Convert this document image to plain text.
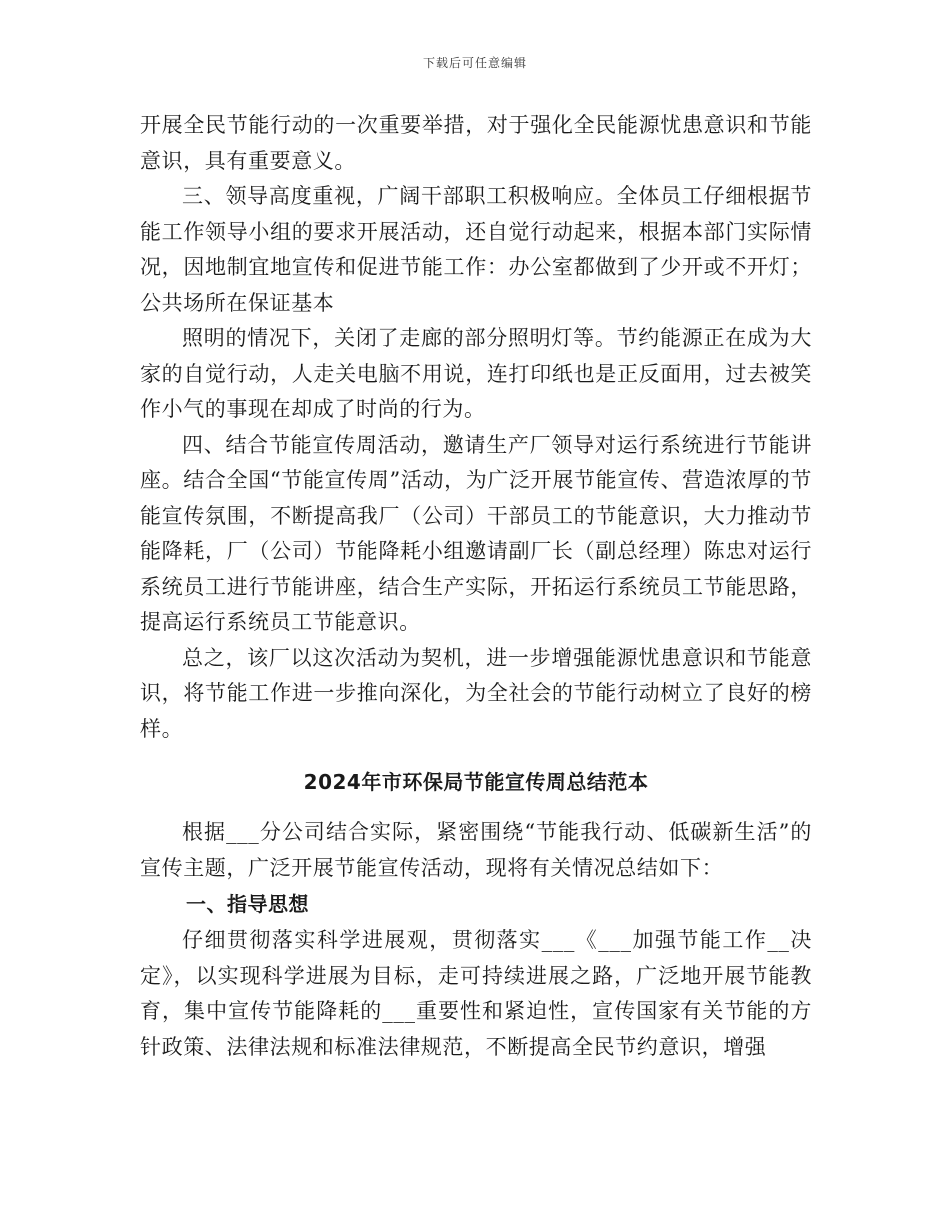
下载后可任意编辑

开展全民节能行动的一次重要举措，对于强化全民能源忧患意识和节能意识，具有重要意义。

三、领导高度重视，广阔干部职工积极响应。全体员工仔细根据节能工作领导小组的要求开展活动，还自觉行动起来，根据本部门实际情况，因地制宜地宣传和促进节能工作：办公室都做到了少开或不开灯；公共场所在保证基本

照明的情况下，关闭了走廊的部分照明灯等。节约能源正在成为大家的自觉行动，人走关电脑不用说，连打印纸也是正反面用，过去被笑作小气的事现在却成了时尚的行为。

四、结合节能宣传周活动，邀请生产厂领导对运行系统进行节能讲座。结合全国“节能宣传周”活动，为广泛开展节能宣传、营造浓厚的节能宣传氛围，不断提高我厂（公司）干部员工的节能意识，大力推动节能降耗，厂（公司）节能降耗小组邀请副厂长（副总经理）陈忠对运行系统员工进行节能讲座，结合生产实际，开拓运行系统员工节能思路，提高运行系统员工节能意识。

总之，该厂以这次活动为契机，进一步增强能源忧患意识和节能意识，将节能工作进一步推向深化，为全社会的节能行动树立了良好的榜样。

2024年市环保局节能宣传周总结范本

根据___分公司结合实际，紧密围绕“节能我行动、低碳新生活”的宣传主题，广泛开展节能宣传活动，现将有关情况总结如下：

一、指导思想

仔细贯彻落实科学进展观，贯彻落实___《___加强节能工作__决定》，以实现科学进展为目标，走可持续进展之路，广泛地开展节能教育，集中宣传节能降耗的___重要性和紧迫性，宣传国家有关节能的方针政策、法律法规和标准法律规范，不断提高全民节约意识，增强
